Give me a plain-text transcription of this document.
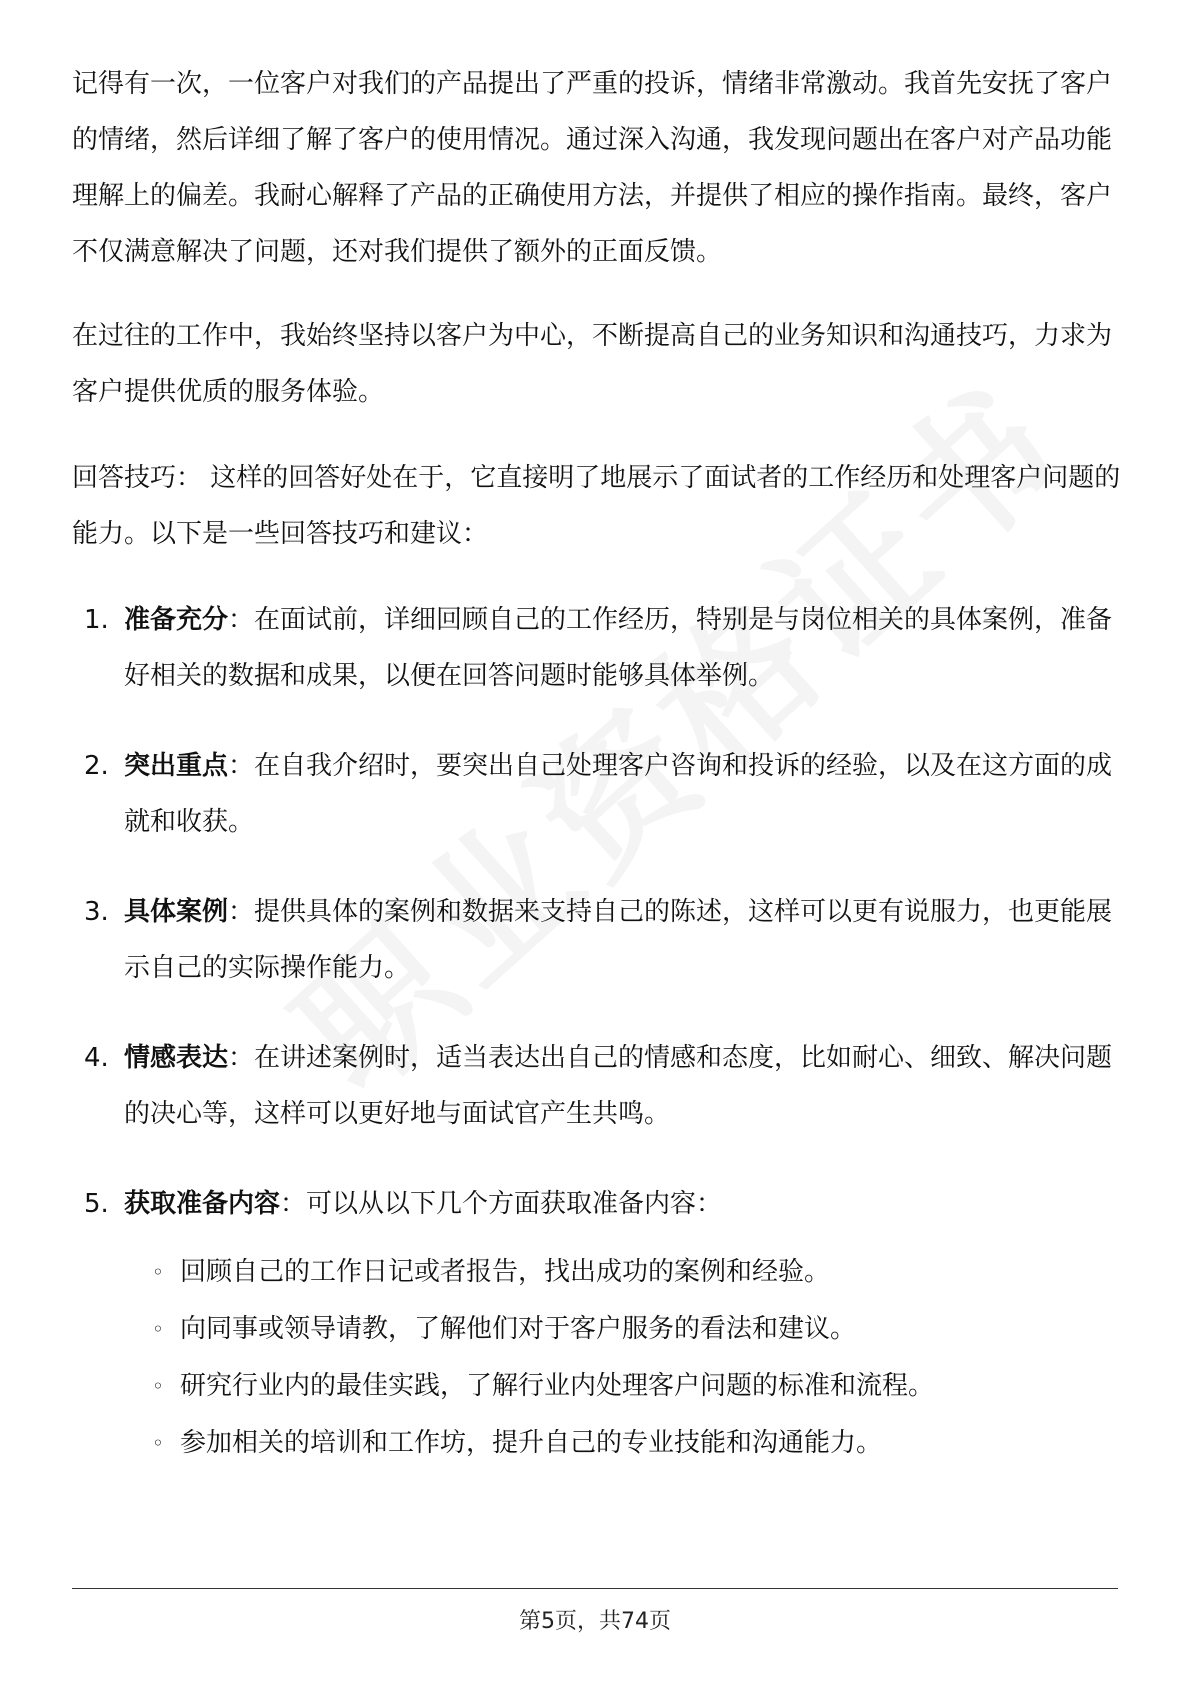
记得有一次，一位客户对我们的产品提出了严重的投诉，情绪非常激动。我首先安抚了客户的情绪，然后详细了解了客户的使用情况。通过深入沟通，我发现问题出在客户对产品功能理解上的偏差。我耐心解释了产品的正确使用方法，并提供了相应的操作指南。最终，客户不仅满意解决了问题，还对我们提供了额外的正面反馈。

在过往的工作中，我始终坚持以客户为中心，不断提高自己的业务知识和沟通技巧，力求为客户提供优质的服务体验。

回答技巧： 这样的回答好处在于，它直接明了地展示了面试者的工作经历和处理客户问题的能力。以下是一些回答技巧和建议：

1. 准备充分：在面试前，详细回顾自己的工作经历，特别是与岗位相关的具体案例，准备好相关的数据和成果，以便在回答问题时能够具体举例。
2. 突出重点：在自我介绍时，要突出自己处理客户咨询和投诉的经验，以及在这方面的成就和收获。
3. 具体案例：提供具体的案例和数据来支持自己的陈述，这样可以更有说服力，也更能展示自己的实际操作能力。
4. 情感表达：在讲述案例时，适当表达出自己的情感和态度，比如耐心、细致、解决问题的决心等，这样可以更好地与面试官产生共鸣。
5. 获取准备内容：可以从以下几个方面获取准备内容：
◦ 回顾自己的工作日记或者报告，找出成功的案例和经验。
◦ 向同事或领导请教，了解他们对于客户服务的看法和建议。
◦ 研究行业内的最佳实践，了解行业内处理客户问题的标准和流程。
◦ 参加相关的培训和工作坊，提升自己的专业技能和沟通能力。
第5页，共74页
